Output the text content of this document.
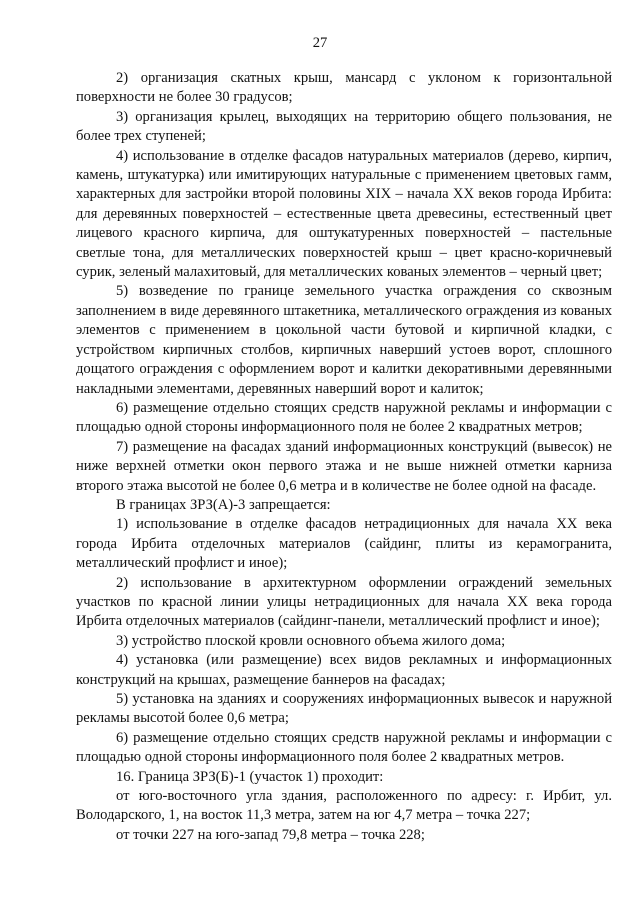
27

2) организация скатных крыш, мансард с уклоном к горизонтальной поверхности не более 30 градусов;

3) организация крылец, выходящих на территорию общего пользования, не более трех ступеней;

4) использование в отделке фасадов натуральных материалов (дерево, кирпич, камень, штукатурка) или имитирующих натуральные с применением цветовых гамм, характерных для застройки второй половины XIX – начала XX веков города Ирбита: для деревянных поверхностей – естественные цвета древесины, естественный цвет лицевого красного кирпича, для оштукатуренных поверхностей – пастельные светлые тона, для металлических поверхностей крыш – цвет красно-коричневый сурик, зеленый малахитовый, для металлических кованых элементов – черный цвет;

5) возведение по границе земельного участка ограждения со сквозным заполнением в виде деревянного штакетника, металлического ограждения из кованых элементов с применением в цокольной части бутовой и кирпичной кладки, с устройством кирпичных столбов, кирпичных наверший устоев ворот, сплошного дощатого ограждения с оформлением ворот и калитки декоративными деревянными накладными элементами, деревянных наверший ворот и калиток;

6) размещение отдельно стоящих средств наружной рекламы и информации с площадью одной стороны информационного поля не более 2 квадратных метров;

7) размещение на фасадах зданий информационных конструкций (вывесок) не ниже верхней отметки окон первого этажа и не выше нижней отметки карниза второго этажа высотой не более 0,6 метра и в количестве не более одной на фасаде.

В границах ЗРЗ(А)-3 запрещается:

1) использование в отделке фасадов нетрадиционных для начала XX века города Ирбита отделочных материалов (сайдинг, плиты из керамогранита, металлический профлист и иное);

2) использование в архитектурном оформлении ограждений земельных участков по красной линии улицы нетрадиционных для начала XX века города Ирбита отделочных материалов (сайдинг-панели, металлический профлист и иное);

3) устройство плоской кровли основного объема жилого дома;

4) установка (или размещение) всех видов рекламных и информационных конструкций на крышах, размещение баннеров на фасадах;

5) установка на зданиях и сооружениях информационных вывесок и наружной рекламы высотой более 0,6 метра;

6) размещение отдельно стоящих средств наружной рекламы и информации с площадью одной стороны информационного поля более 2 квадратных метров.

16. Граница ЗРЗ(Б)-1 (участок 1) проходит:

от юго-восточного угла здания, расположенного по адресу: г. Ирбит, ул. Володарского, 1, на восток 11,3 метра, затем на юг 4,7 метра – точка 227;

от точки 227 на юго-запад 79,8 метра – точка 228;
